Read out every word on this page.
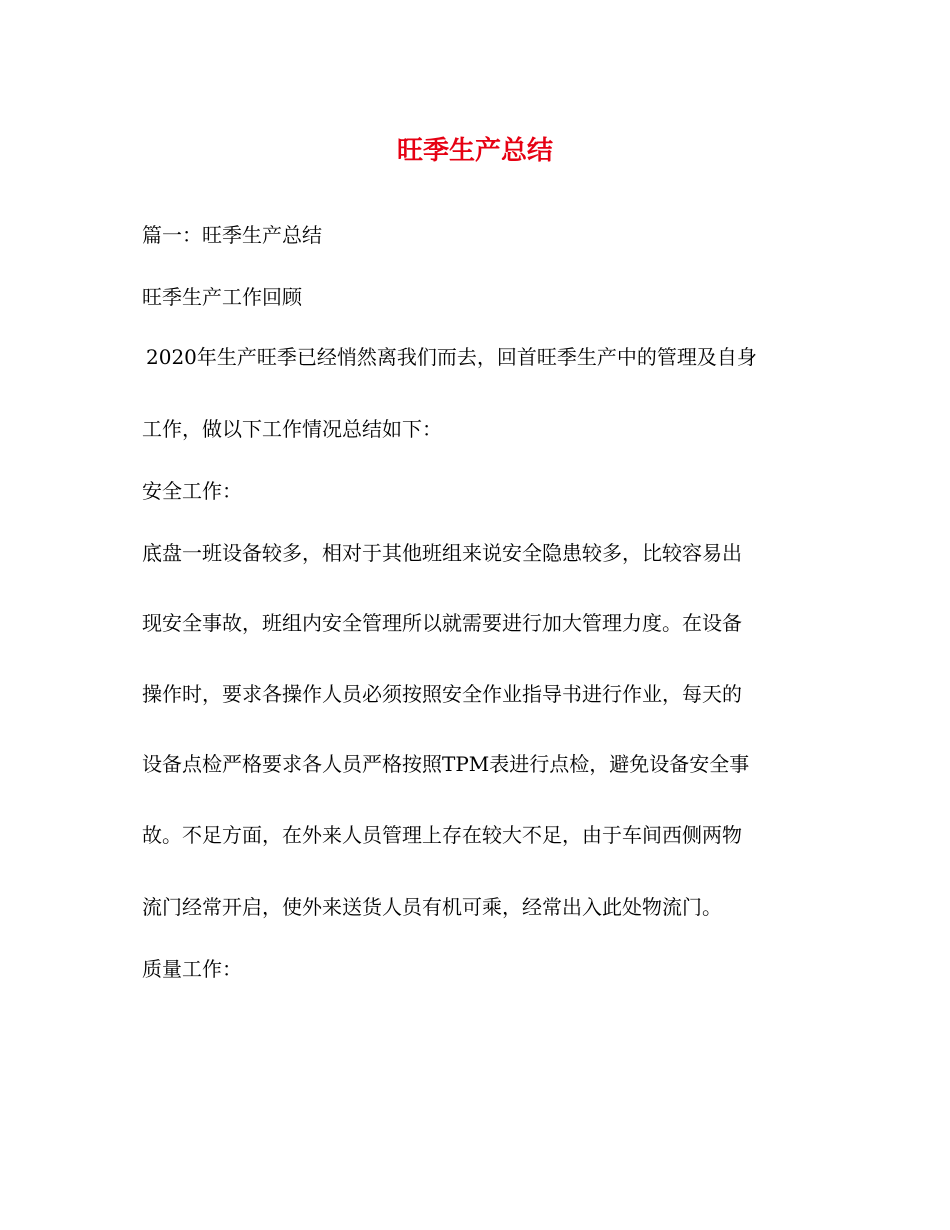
旺季生产总结

篇一：旺季生产总结

旺季生产工作回顾

2020年生产旺季已经悄然离我们而去，回首旺季生产中的管理及自身

工作，做以下工作情况总结如下：

安全工作：

底盘一班设备较多，相对于其他班组来说安全隐患较多，比较容易出

现安全事故，班组内安全管理所以就需要进行加大管理力度。在设备

操作时，要求各操作人员必须按照安全作业指导书进行作业，每天的

设备点检严格要求各人员严格按照TPM表进行点检，避免设备安全事

故。不足方面，在外来人员管理上存在较大不足，由于车间西侧两物

流门经常开启，使外来送货人员有机可乘，经常出入此处物流门。

质量工作：
